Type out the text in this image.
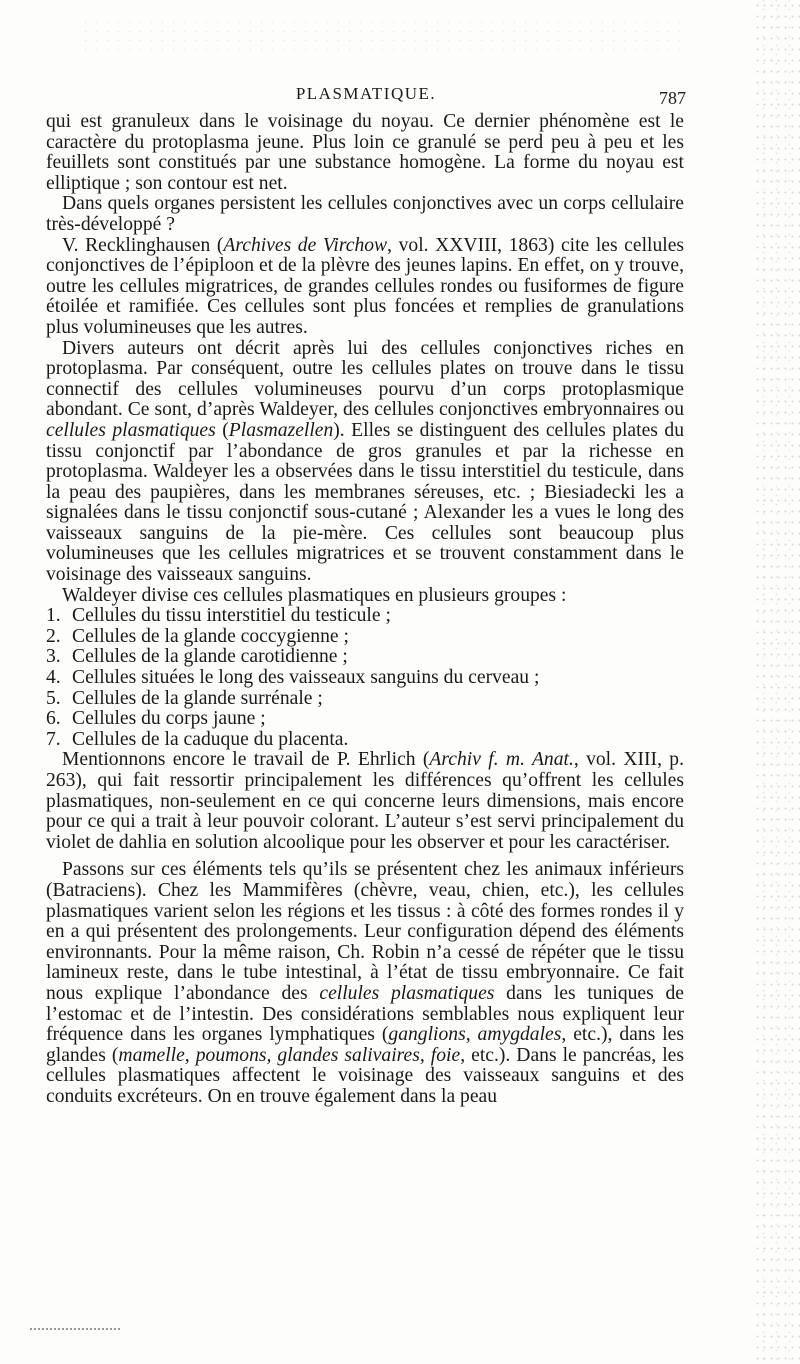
PLASMATIQUE.	787

qui est granuleux dans le voisinage du noyau. Ce dernier phénomène est le caractère du protoplasma jeune. Plus loin ce granulé se perd peu à peu et les feuillets sont constitués par une substance homogène. La forme du noyau est elliptique ; son contour est net.

Dans quels organes persistent les cellules conjonctives avec un corps cellulaire très-développé ?

V. Recklinghausen (Archives de Virchow, vol. XXVIII, 1863) cite les cellules conjonctives de l’épiploon et de la plèvre des jeunes lapins. En effet, on y trouve, outre les cellules migratrices, de grandes cellules rondes ou fusiformes de figure étoilée et ramifiée. Ces cellules sont plus foncées et remplies de granulations plus volumineuses que les autres.

Divers auteurs ont décrit après lui des cellules conjonctives riches en protoplasma. Par conséquent, outre les cellules plates on trouve dans le tissu connectif des cellules volumineuses pourvu d’un corps protoplasmique abondant. Ce sont, d’après Waldeyer, des cellules conjonctives embryonnaires ou cellules plasmatiques (Plasmazellen). Elles se distinguent des cellules plates du tissu conjonctif par l’abondance de gros granules et par la richesse en protoplasma. Waldeyer les a observées dans le tissu interstitiel du testicule, dans la peau des paupières, dans les membranes séreuses, etc. ; Biesiadecki les a signalées dans le tissu conjonctif sous-cutané ; Alexander les a vues le long des vaisseaux sanguins de la pie-mère. Ces cellules sont beaucoup plus volumineuses que les cellules migratrices et se trouvent constamment dans le voisinage des vaisseaux sanguins.

Waldeyer divise ces cellules plasmatiques en plusieurs groupes :

1. Cellules du tissu interstitiel du testicule ;
2. Cellules de la glande coccygienne ;
3. Cellules de la glande carotidienne ;
4. Cellules situées le long des vaisseaux sanguins du cerveau ;
5. Cellules de la glande surrénale ;
6. Cellules du corps jaune ;
7. Cellules de la caduque du placenta.

Mentionnons encore le travail de P. Ehrlich (Archiv f. m. Anat., vol. XIII, p. 263), qui fait ressortir principalement les différences qu’offrent les cellules plasmatiques, non-seulement en ce qui concerne leurs dimensions, mais encore pour ce qui a trait à leur pouvoir colorant. L’auteur s’est servi principalement du violet de dahlia en solution alcoolique pour les observer et pour les caractériser.

Passons sur ces éléments tels qu’ils se présentent chez les animaux inférieurs (Batraciens). Chez les Mammifères (chèvre, veau, chien, etc.), les cellules plasmatiques varient selon les régions et les tissus : à côté des formes rondes il y en a qui présentent des prolongements. Leur configuration dépend des éléments environnants. Pour la même raison, Ch. Robin n’a cessé de répéter que le tissu lamineux reste, dans le tube intestinal, à l’état de tissu embryonnaire. Ce fait nous explique l’abondance des cellules plasmatiques dans les tuniques de l’estomac et de l’intestin. Des considérations semblables nous expliquent leur fréquence dans les organes lymphatiques (ganglions, amygdales, etc.), dans les glandes (mamelle, poumons, glandes salivaires, foie, etc.). Dans le pancréas, les cellules plasmatiques affectent le voisinage des vaisseaux sanguins et des conduits excréteurs. On en trouve également dans la peau
